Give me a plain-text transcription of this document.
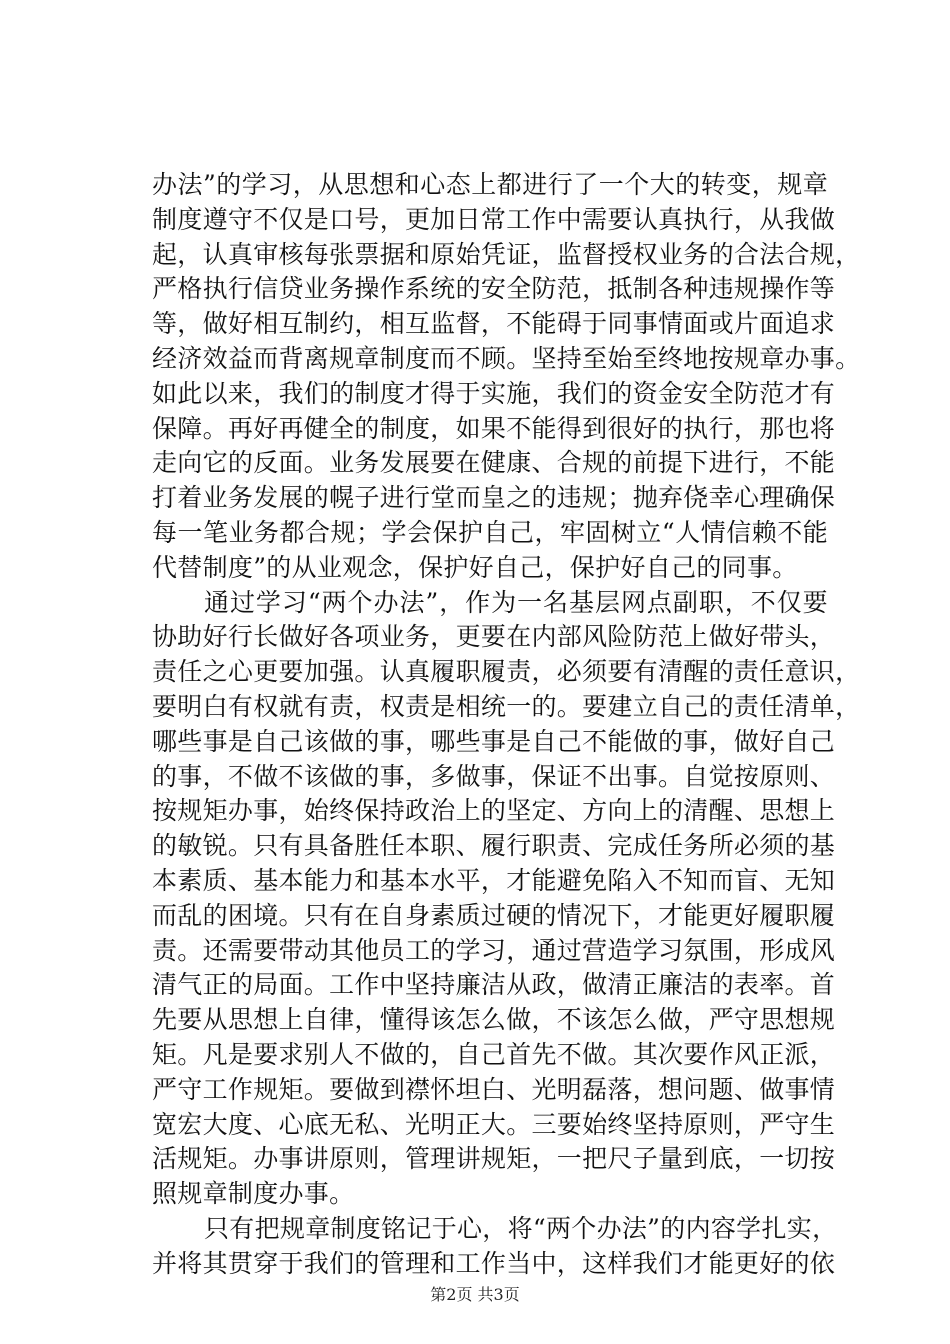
办法”的学习，从思想和心态上都进行了一个大的转变，规章
制度遵守不仅是口号，更加日常工作中需要认真执行，从我做
起，认真审核每张票据和原始凭证，监督授权业务的合法合规，
严格执行信贷业务操作系统的安全防范，抵制各种违规操作等
等，做好相互制约，相互监督，不能碍于同事情面或片面追求
经济效益而背离规章制度而不顾。坚持至始至终地按规章办事。
如此以来，我们的制度才得于实施，我们的资金安全防范才有
保障。再好再健全的制度，如果不能得到很好的执行，那也将
走向它的反面。业务发展要在健康、合规的前提下进行，不能
打着业务发展的幌子进行堂而皇之的违规；抛弃侥幸心理确保
每一笔业务都合规；学会保护自己，牢固树立“人情信赖不能
代替制度”的从业观念，保护好自己，保护好自己的同事。
通过学习“两个办法”，作为一名基层网点副职，不仅要
协助好行长做好各项业务，更要在内部风险防范上做好带头，
责任之心更要加强。认真履职履责，必须要有清醒的责任意识，
要明白有权就有责，权责是相统一的。要建立自己的责任清单，
哪些事是自己该做的事，哪些事是自己不能做的事，做好自己
的事，不做不该做的事，多做事，保证不出事。自觉按原则、
按规矩办事，始终保持政治上的坚定、方向上的清醒、思想上
的敏锐。只有具备胜任本职、履行职责、完成任务所必须的基
本素质、基本能力和基本水平，才能避免陷入不知而盲、无知
而乱的困境。只有在自身素质过硬的情况下，才能更好履职履
责。还需要带动其他员工的学习，通过营造学习氛围，形成风
清气正的局面。工作中坚持廉洁从政，做清正廉洁的表率。首
先要从思想上自律，懂得该怎么做，不该怎么做，严守思想规
矩。凡是要求别人不做的，自己首先不做。其次要作风正派，
严守工作规矩。要做到襟怀坦白、光明磊落，想问题、做事情
宽宏大度、心底无私、光明正大。三要始终坚持原则，严守生
活规矩。办事讲原则，管理讲规矩，一把尺子量到底，一切按
照规章制度办事。
只有把规章制度铭记于心，将“两个办法”的内容学扎实，
并将其贯穿于我们的管理和工作当中，这样我们才能更好的依
第2页 共3页
